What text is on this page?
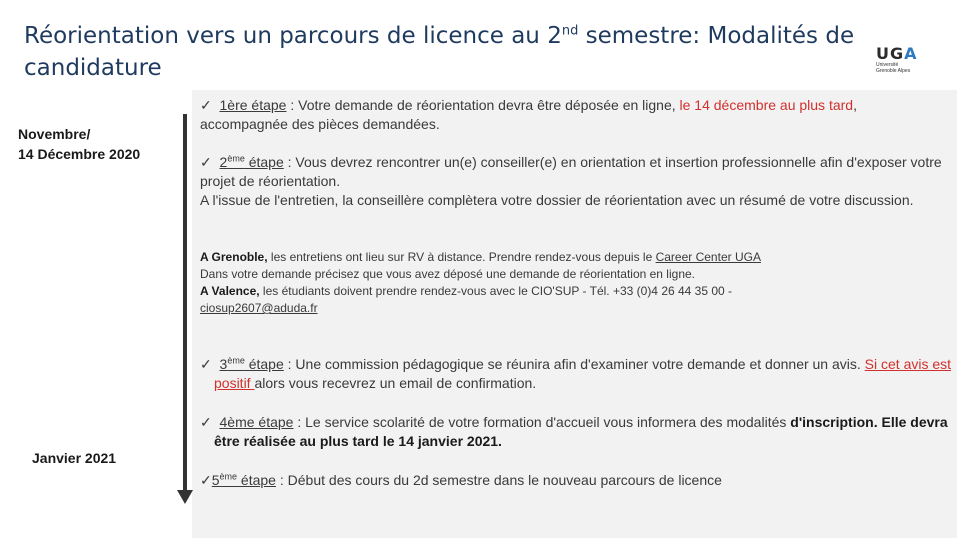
Réorientation vers un parcours de licence au 2nd semestre: Modalités de candidature
UGA
Université
Grenoble Alpes
Novembre/
14 Décembre 2020
Janvier 2021
✓ 1ère étape : Votre demande de réorientation devra être déposée en ligne, le 14 décembre au plus tard, accompagnée des pièces demandées.
✓ 2ème étape : Vous devrez rencontrer un(e) conseiller(e) en orientation et insertion professionnelle afin d'exposer votre projet de réorientation.
A l'issue de l'entretien, la conseillère complètera votre dossier de réorientation avec un résumé de votre discussion.
A Grenoble, les entretiens ont lieu sur RV à distance. Prendre rendez-vous depuis le Career Center UGA
Dans votre demande précisez que vous avez déposé une demande de réorientation en ligne.
A Valence, les étudiants doivent prendre rendez-vous avec le CIO'SUP - Tél. +33 (0)4 26 44 35 00 -
ciosup2607@aduda.fr
✓ 3ème étape : Une commission pédagogique se réunira afin d'examiner votre demande et donner un avis. Si cet avis est positif alors vous recevrez un email de confirmation.
✓ 4ème étape : Le service scolarité de votre formation d'accueil vous informera des modalités d'inscription. Elle devra être réalisée au plus tard le 14 janvier 2021.
✓5ème étape : Début des cours du 2d semestre dans le nouveau parcours de licence
